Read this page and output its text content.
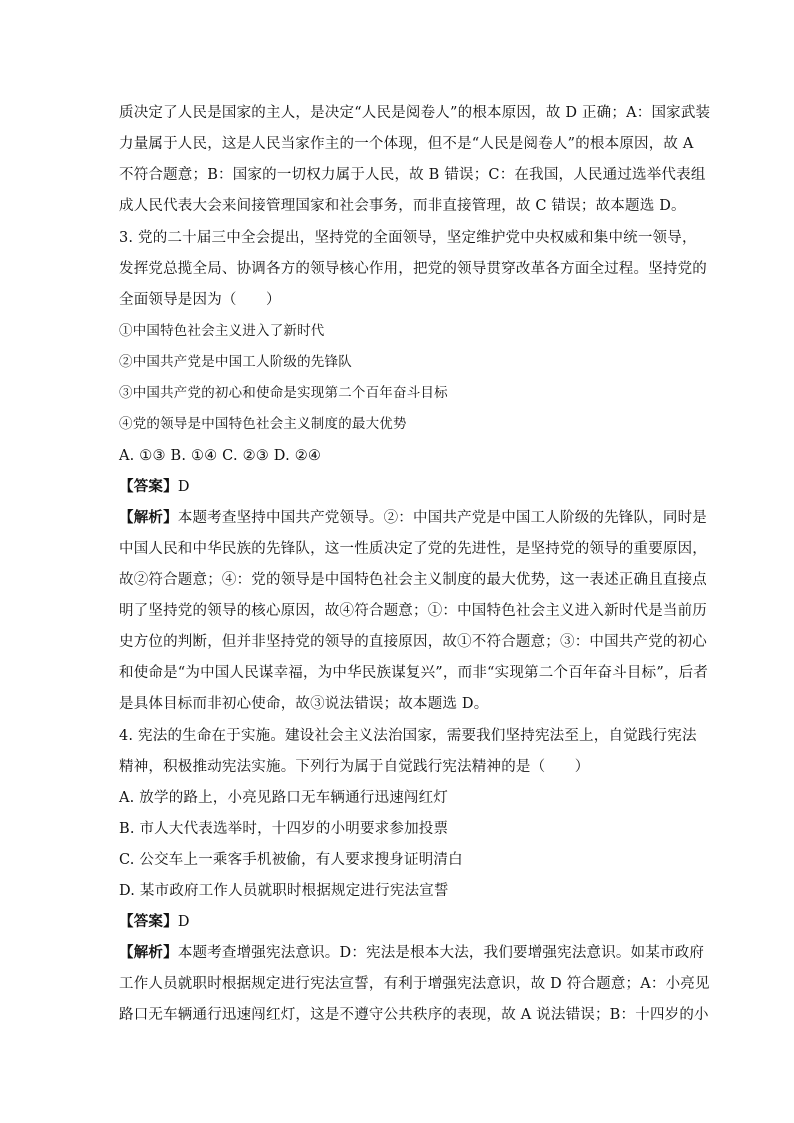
质决定了人民是国家的主人，是决定“人民是阅卷人”的根本原因，故 D 正确；A：国家武装
力量属于人民，这是人民当家作主的一个体现，但不是“人民是阅卷人”的根本原因，故 A
不符合题意；B：国家的一切权力属于人民，故 B 错误；C：在我国，人民通过选举代表组
成人民代表大会来间接管理国家和社会事务，而非直接管理，故 C 错误；故本题选 D。
3. 党的二十届三中全会提出，坚持党的全面领导，坚定维护党中央权威和集中统一领导，
发挥党总揽全局、协调各方的领导核心作用，把党的领导贯穿改革各方面全过程。坚持党的
全面领导是因为（　　）
①中国特色社会主义进入了新时代
②中国共产党是中国工人阶级的先锋队
③中国共产党的初心和使命是实现第二个百年奋斗目标
④党的领导是中国特色社会主义制度的最大优势
A. ①③ B. ①④ C. ②③ D. ②④
【答案】D
【解析】本题考查坚持中国共产党领导。②：中国共产党是中国工人阶级的先锋队，同时是
中国人民和中华民族的先锋队，这一性质决定了党的先进性，是坚持党的领导的重要原因，
故②符合题意；④：党的领导是中国特色社会主义制度的最大优势，这一表述正确且直接点
明了坚持党的领导的核心原因，故④符合题意；①：中国特色社会主义进入新时代是当前历
史方位的判断，但并非坚持党的领导的直接原因，故①不符合题意；③：中国共产党的初心
和使命是“为中国人民谋幸福，为中华民族谋复兴”，而非“实现第二个百年奋斗目标”，后者
是具体目标而非初心使命，故③说法错误；故本题选 D。
4. 宪法的生命在于实施。建设社会主义法治国家，需要我们坚持宪法至上，自觉践行宪法
精神，积极推动宪法实施。下列行为属于自觉践行宪法精神的是（　　）
A. 放学的路上，小亮见路口无车辆通行迅速闯红灯
B. 市人大代表选举时，十四岁的小明要求参加投票
C. 公交车上一乘客手机被偷，有人要求搜身证明清白
D. 某市政府工作人员就职时根据规定进行宪法宣誓
【答案】D
【解析】本题考查增强宪法意识。D：宪法是根本大法，我们要增强宪法意识。如某市政府
工作人员就职时根据规定进行宪法宣誓，有利于增强宪法意识，故 D 符合题意；A：小亮见
路口无车辆通行迅速闯红灯，这是不遵守公共秩序的表现，故 A 说法错误；B：十四岁的小
